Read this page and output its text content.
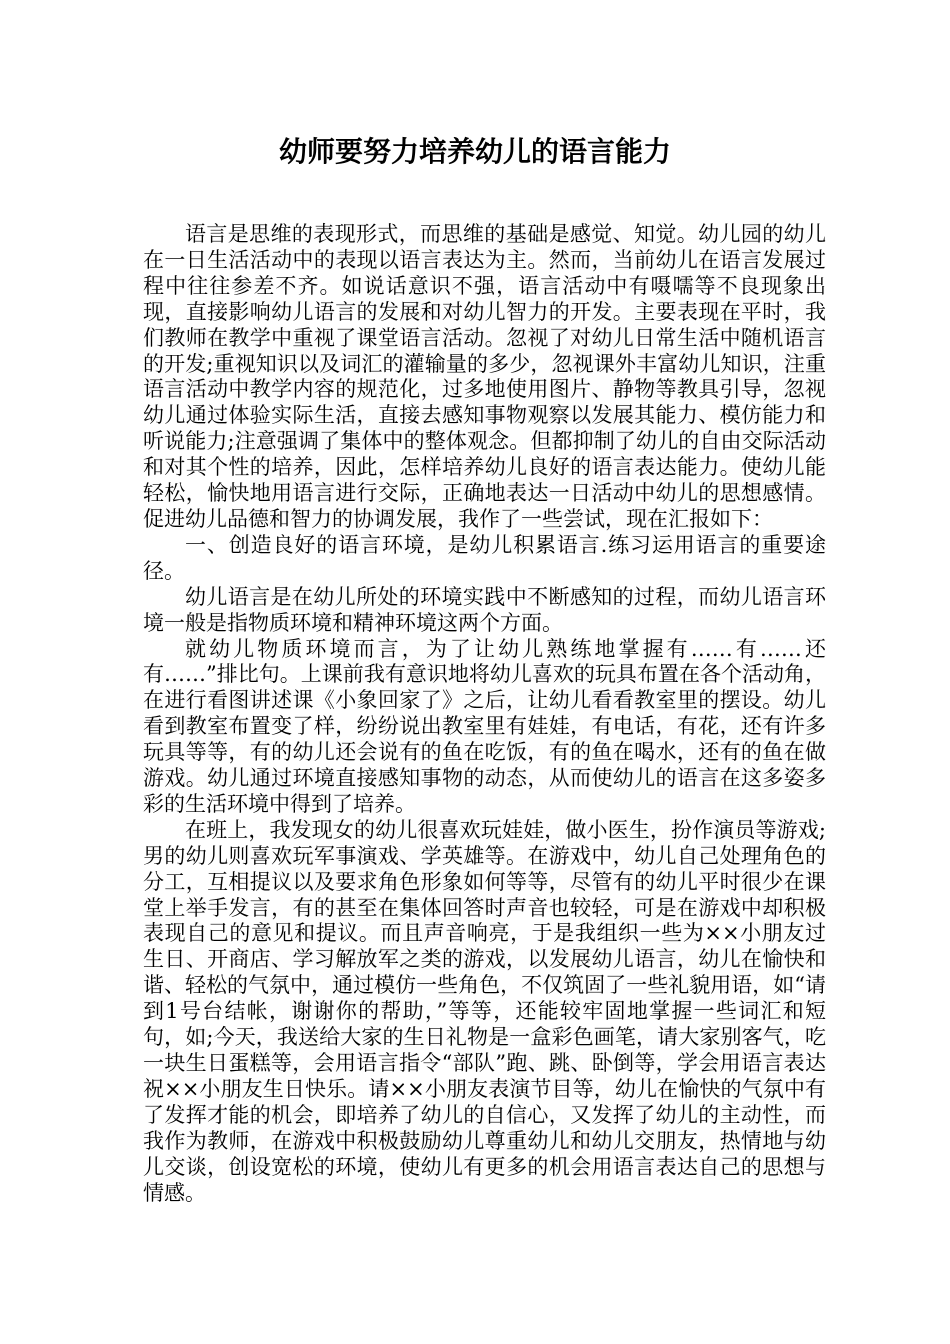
幼师要努力培养幼儿的语言能力

语言是思维的表现形式，而思维的基础是感觉、知觉。幼儿园的幼儿在一日生活活动中的表现以语言表达为主。然而，当前幼儿在语言发展过程中往往参差不齐。如说话意识不强，语言活动中有嗫嚅等不良现象出现，直接影响幼儿语言的发展和对幼儿智力的开发。主要表现在平时，我们教师在教学中重视了课堂语言活动。忽视了对幼儿日常生活中随机语言的开发;重视知识以及词汇的灌输量的多少，忽视课外丰富幼儿知识，注重语言活动中教学内容的规范化，过多地使用图片、静物等教具引导，忽视幼儿通过体验实际生活，直接去感知事物观察以发展其能力、模仿能力和听说能力;注意强调了集体中的整体观念。但都抑制了幼儿的自由交际活动和对其个性的培养，因此，怎样培养幼儿良好的语言表达能力。使幼儿能轻松，愉快地用语言进行交际，正确地表达一日活动中幼儿的思想感情。促进幼儿品德和智力的协调发展，我作了一些尝试，现在汇报如下：

一、创造良好的语言环境，是幼儿积累语言.练习运用语言的重要途径。

幼儿语言是在幼儿所处的环境实践中不断感知的过程，而幼儿语言环境一般是指物质环境和精神环境这两个方面。

就幼儿物质环境而言，为了让幼儿熟练地掌握有……有……还有……”排比句。上课前我有意识地将幼儿喜欢的玩具布置在各个活动角，在进行看图讲述课《小象回家了》之后，让幼儿看看教室里的摆设。幼儿看到教室布置变了样，纷纷说出教室里有娃娃，有电话，有花，还有许多玩具等等，有的幼儿还会说有的鱼在吃饭，有的鱼在喝水，还有的鱼在做游戏。幼儿通过环境直接感知事物的动态，从而使幼儿的语言在这多姿多彩的生活环境中得到了培养。

在班上，我发现女的幼儿很喜欢玩娃娃，做小医生，扮作演员等游戏;男的幼儿则喜欢玩军事演戏、学英雄等。在游戏中，幼儿自己处理角色的分工，互相提议以及要求角色形象如何等等，尽管有的幼儿平时很少在课堂上举手发言，有的甚至在集体回答时声音也较轻，可是在游戏中却积极表现自己的意见和提议。而且声音响亮，于是我组织一些为××小朋友过生日、开商店、学习解放军之类的游戏，以发展幼儿语言，幼儿在愉快和谐、轻松的气氛中，通过模仿一些角色，不仅筑固了一些礼貌用语，如“请到1号台结帐，谢谢你的帮助，”等等，还能较牢固地掌握一些词汇和短句，如;今天，我送给大家的生日礼物是一盒彩色画笔，请大家别客气，吃一块生日蛋糕等，会用语言指令“部队”跑、跳、卧倒等，学会用语言表达祝××小朋友生日快乐。请××小朋友表演节目等，幼儿在愉快的气氛中有了发挥才能的机会，即培养了幼儿的自信心，又发挥了幼儿的主动性，而我作为教师，在游戏中积极鼓励幼儿尊重幼儿和幼儿交朋友，热情地与幼儿交谈，创设宽松的环境，使幼儿有更多的机会用语言表达自己的思想与情感。
